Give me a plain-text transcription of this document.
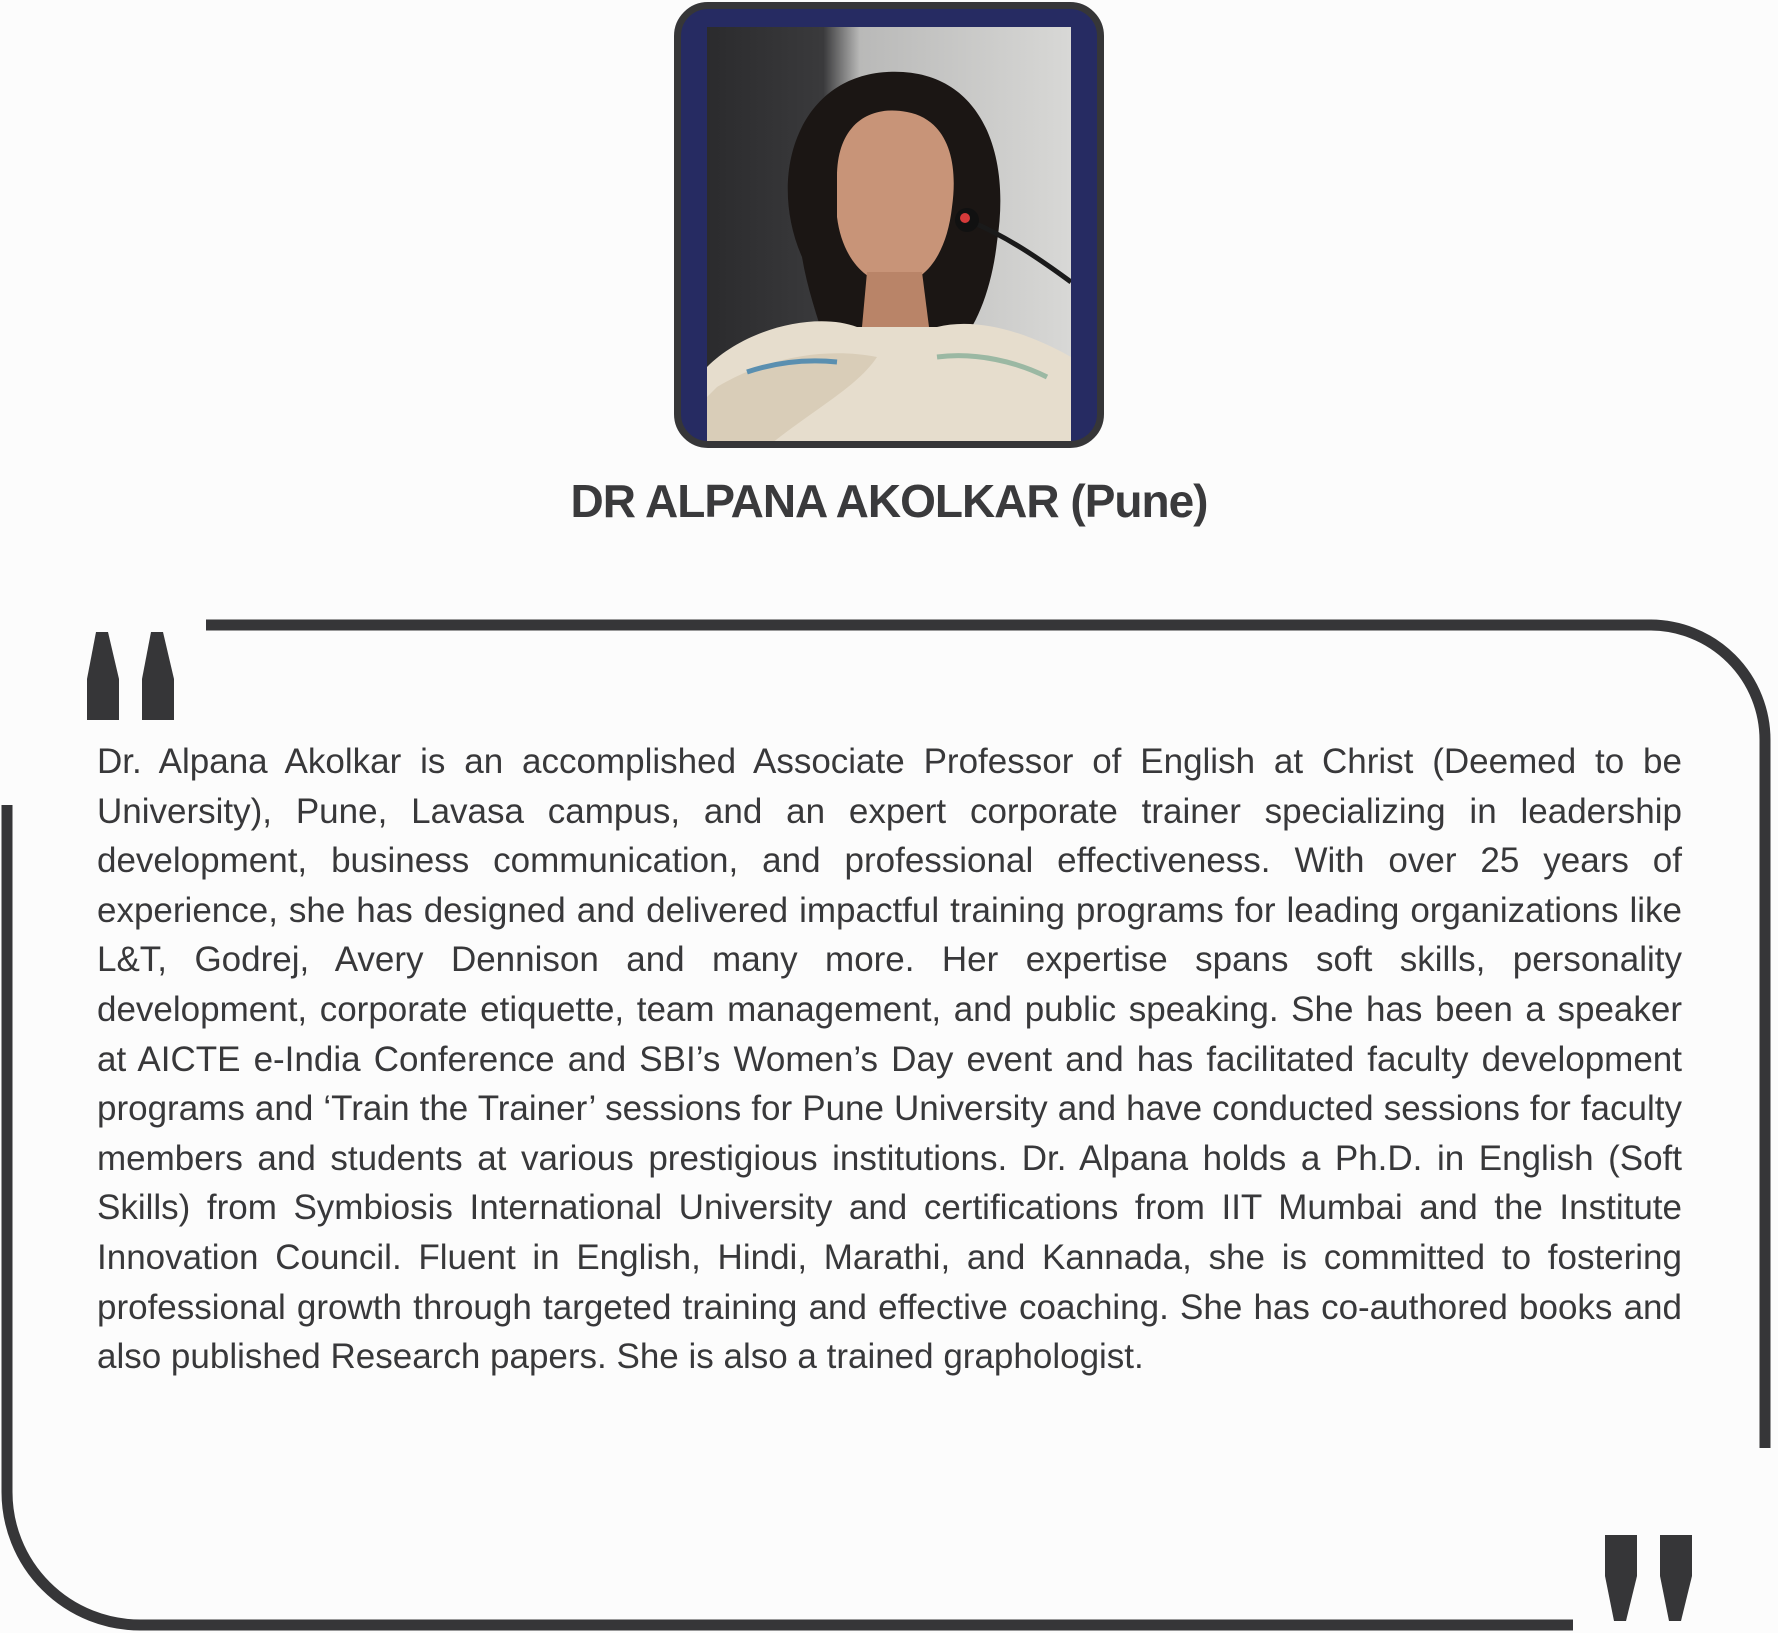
DR ALPANA AKOLKAR (Pune)
Dr. Alpana Akolkar is an accomplished Associate Professor of English at Christ (Deemed to be University), Pune, Lavasa campus, and an expert corporate trainer specializing in leadership development, business communication, and professional effectiveness. With over 25 years of experience, she has designed and delivered impactful training programs for leading organizations like L&T, Godrej, Avery Dennison and many more. Her expertise spans soft skills, personality development, corporate etiquette, team management, and public speaking. She has been a speaker at AICTE e-India Conference and SBI’s Women’s Day event and has facilitated faculty development programs and ‘Train the Trainer’ sessions for Pune University and have conducted sessions for faculty members and students at various prestigious institutions. Dr. Alpana holds a Ph.D. in English (Soft Skills) from Symbiosis International University and certifications from IIT Mumbai and the Institute Innovation Council. Fluent in English, Hindi, Marathi, and Kannada, she is committed to fostering professional growth through targeted training and effective coaching. She has co-authored books and also published Research papers. She is also a trained graphologist.
